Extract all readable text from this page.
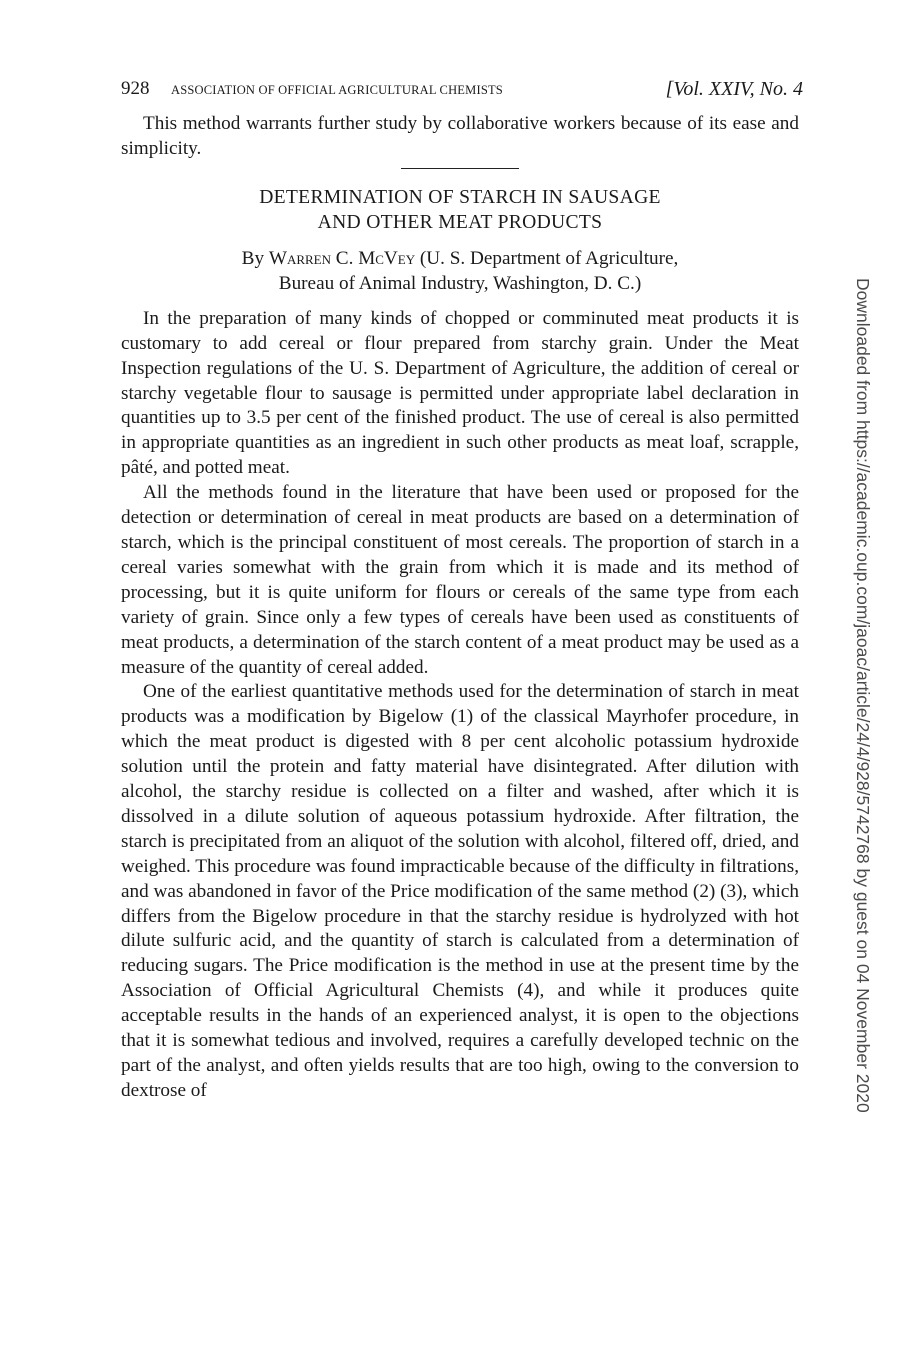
928 ASSOCIATION OF OFFICIAL AGRICULTURAL CHEMISTS	[Vol. XXIV, No. 4

This method warrants further study by collaborative workers because of its ease and simplicity.

DETERMINATION OF STARCH IN SAUSAGE
AND OTHER MEAT PRODUCTS
By Warren C. McVey (U. S. Department of Agriculture,
Bureau of Animal Industry, Washington, D. C.)

In the preparation of many kinds of chopped or comminuted meat products it is customary to add cereal or flour prepared from starchy grain. Under the Meat Inspection regulations of the U. S. Department of Agriculture, the addition of cereal or starchy vegetable flour to sausage is permitted under appropriate label declaration in quantities up to 3.5 per cent of the finished product. The use of cereal is also permitted in appropriate quantities as an ingredient in such other products as meat loaf, scrapple, pâté, and potted meat.

All the methods found in the literature that have been used or proposed for the detection or determination of cereal in meat products are based on a determination of starch, which is the principal constituent of most cereals. The proportion of starch in a cereal varies somewhat with the grain from which it is made and its method of processing, but it is quite uniform for flours or cereals of the same type from each variety of grain. Since only a few types of cereals have been used as constituents of meat products, a determination of the starch content of a meat product may be used as a measure of the quantity of cereal added.

One of the earliest quantitative methods used for the determination of starch in meat products was a modification by Bigelow (1) of the classical Mayrhofer procedure, in which the meat product is digested with 8 per cent alcoholic potassium hydroxide solution until the protein and fatty material have disintegrated. After dilution with alcohol, the starchy residue is collected on a filter and washed, after which it is dissolved in a dilute solution of aqueous potassium hydroxide. After filtration, the starch is precipitated from an aliquot of the solution with alcohol, filtered off, dried, and weighed. This procedure was found impracticable because of the difficulty in filtrations, and was abandoned in favor of the Price modification of the same method (2) (3), which differs from the Bigelow procedure in that the starchy residue is hydrolyzed with hot dilute sulfuric acid, and the quantity of starch is calculated from a determination of reducing sugars. The Price modification is the method in use at the present time by the Association of Official Agricultural Chemists (4), and while it produces quite acceptable results in the hands of an experienced analyst, it is open to the objections that it is somewhat tedious and involved, requires a carefully developed technic on the part of the analyst, and often yields results that are too high, owing to the conversion to dextrose of	Downloaded from https://academic.oup.com/jaoac/article/24/4/928/5742768 by guest on 04 November 2020
